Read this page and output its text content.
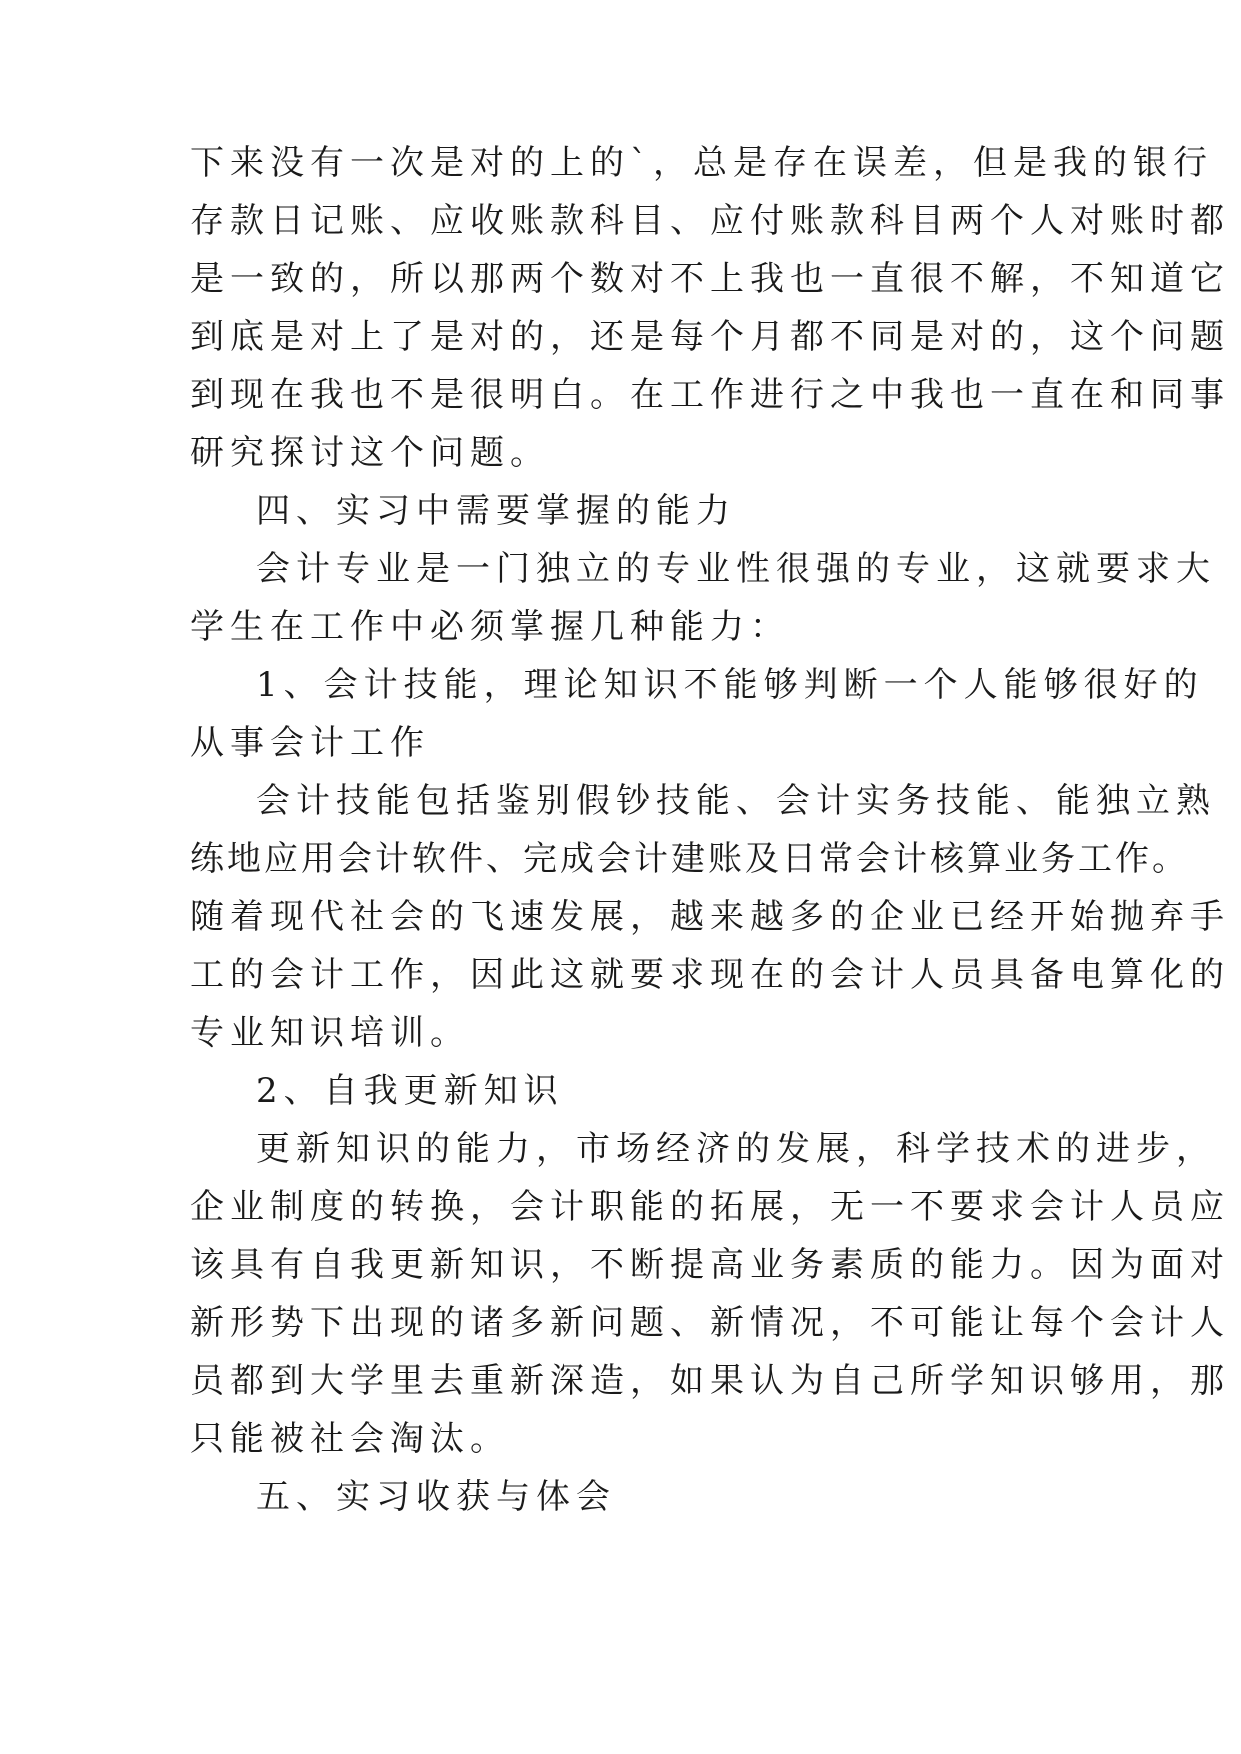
下来没有一次是对的上的`，总是存在误差，但是我的银行
存款日记账、应收账款科目、应付账款科目两个人对账时都
是一致的，所以那两个数对不上我也一直很不解，不知道它
到底是对上了是对的，还是每个月都不同是对的，这个问题
到现在我也不是很明白。在工作进行之中我也一直在和同事
研究探讨这个问题。
四、实习中需要掌握的能力
会计专业是一门独立的专业性很强的专业，这就要求大
学生在工作中必须掌握几种能力：
1、会计技能，理论知识不能够判断一个人能够很好的
从事会计工作
会计技能包括鉴别假钞技能、会计实务技能、能独立熟
练地应用会计软件、完成会计建账及日常会计核算业务工作。
随着现代社会的飞速发展，越来越多的企业已经开始抛弃手
工的会计工作，因此这就要求现在的会计人员具备电算化的
专业知识培训。
2、自我更新知识
更新知识的能力，市场经济的发展，科学技术的进步，
企业制度的转换，会计职能的拓展，无一不要求会计人员应
该具有自我更新知识，不断提高业务素质的能力。因为面对
新形势下出现的诸多新问题、新情况，不可能让每个会计人
员都到大学里去重新深造，如果认为自己所学知识够用，那
只能被社会淘汰。
五、实习收获与体会
